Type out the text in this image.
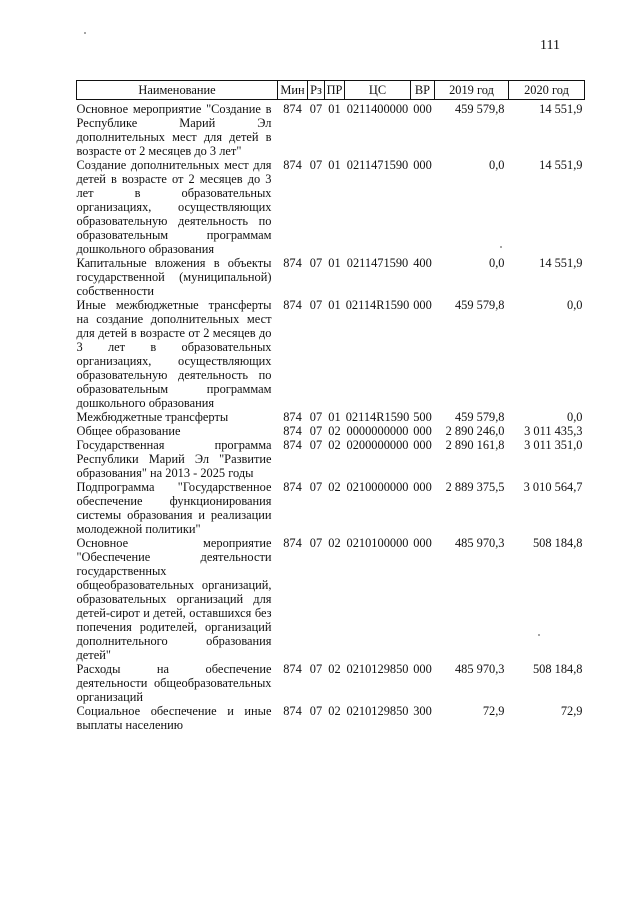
111
Наименование	Мин	Рз	ПР	ЦС	ВР	2019 год	2020 год
Основное мероприятие "Создание в Республике Марий Эл дополнительных мест для детей в возрасте от 2 месяцев до 3 лет"	874	07	01	0211400000	000	459 579,8	14 551,9
Создание дополнительных мест для детей в возрасте от 2 месяцев до 3 лет в образовательных организациях, осуществляющих образовательную деятельность по образовательным программам дошкольного образования	874	07	01	0211471590	000	0,0	14 551,9
Капитальные вложения в объекты государственной (муниципальной) собственности	874	07	01	0211471590	400	0,0	14 551,9
Иные межбюджетные трансферты на создание дополнительных мест для детей в возрасте от 2 месяцев до 3 лет в образовательных организациях, осуществляющих образовательную деятельность по образовательным программам дошкольного образования	874	07	01	02114R1590	000	459 579,8	0,0
Межбюджетные трансферты	874	07	01	02114R1590	500	459 579,8	0,0
Общее образование	874	07	02	0000000000	000	2 890 246,0	3 011 435,3
Государственная программа Республики Марий Эл "Развитие образования" на 2013 - 2025 годы	874	07	02	0200000000	000	2 890 161,8	3 011 351,0
Подпрограмма "Государственное обеспечение функционирования системы образования и реализации молодежной политики"	874	07	02	0210000000	000	2 889 375,5	3 010 564,7
Основное мероприятие "Обеспечение деятельности государственных общеобразовательных организаций, образовательных организаций для детей-сирот и детей, оставшихся без попечения родителей, организаций дополнительного образования детей"	874	07	02	0210100000	000	485 970,3	508 184,8
Расходы на обеспечение деятельности общеобразовательных организаций	874	07	02	0210129850	000	485 970,3	508 184,8
Социальное обеспечение и иные выплаты населению	874	07	02	0210129850	300	72,9	72,9
